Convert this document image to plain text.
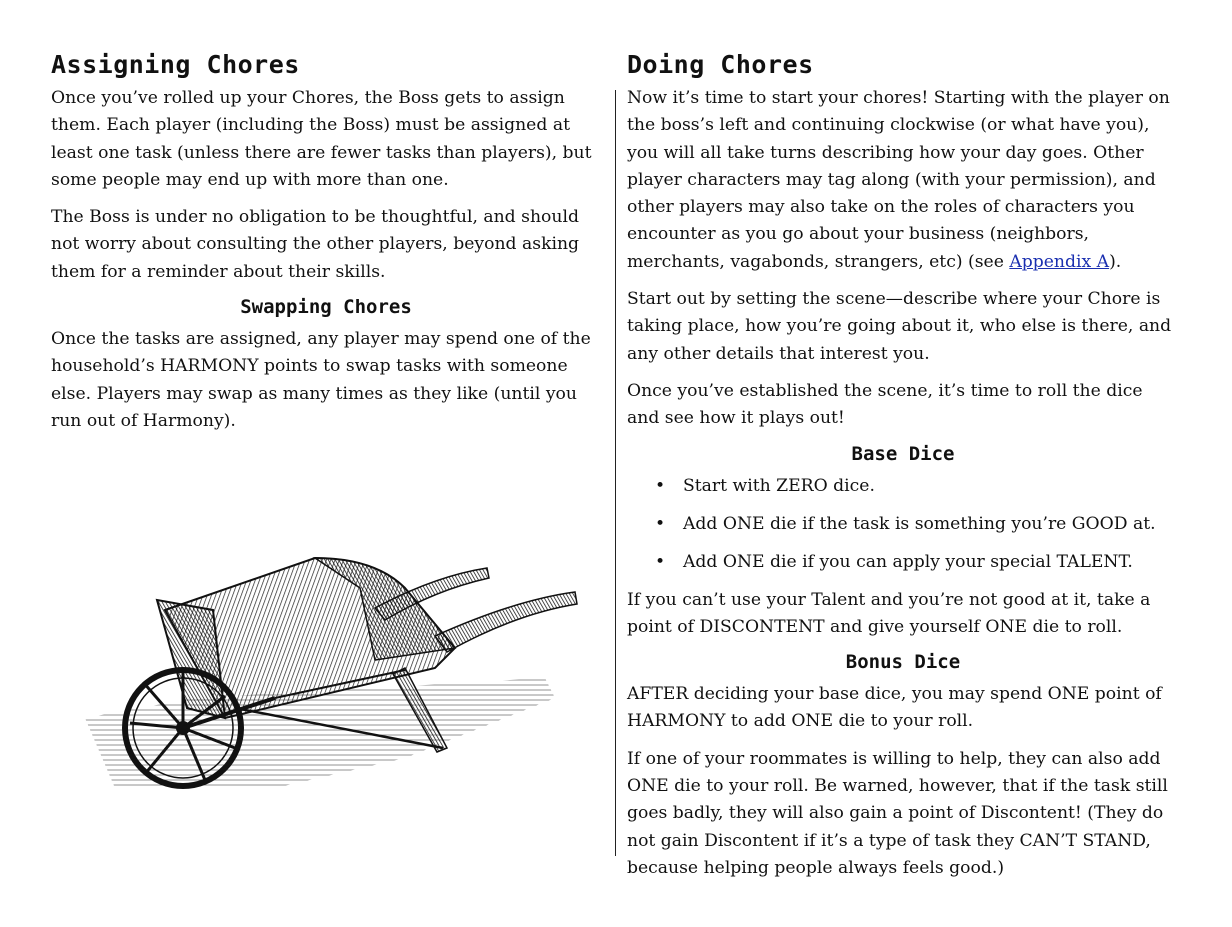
Assigning Chores

Once you’ve rolled up your Chores, the Boss gets to assign them. Each player (including the Boss) must be assigned at least one task (unless there are fewer tasks than players), but some people may end up with more than one.

The Boss is under no obligation to be thoughtful, and should not worry about consulting the other players, beyond asking them for a reminder about their skills.

Swapping Chores

Once the tasks are assigned, any player may spend one of the household’s HARMONY points to swap tasks with someone else. Players may swap as many times as they like (until you run out of Harmony).

Doing Chores

Now it’s time to start your chores! Starting with the player on the boss’s left and continuing clockwise (or what have you), you will all take turns describing how your day goes. Other player characters may tag along (with your permission), and other players may also take on the roles of characters you encounter as you go about your business (neighbors, merchants, vagabonds, strangers, etc) (see Appendix A).

Start out by setting the scene—describe where your Chore is taking place, how you’re going about it, who else is there, and any other details that interest you.

Once you’ve established the scene, it’s time to roll the dice and see how it plays out!

Base Dice
• Start with ZERO dice.
• Add ONE die if the task is something you’re GOOD at.
• Add ONE die if you can apply your special TALENT.

If you can’t use your Talent and you’re not good at it, take a point of DISCONTENT and give yourself ONE die to roll.

Bonus Dice

AFTER deciding your base dice, you may spend ONE point of HARMONY to add ONE die to your roll.

If one of your roommates is willing to help, they can also add ONE die to your roll. Be warned, however, that if the task still goes badly, they will also gain a point of Discontent! (They do not gain Discontent if it’s a type of task they CAN’T STAND, because helping people always feels good.)
